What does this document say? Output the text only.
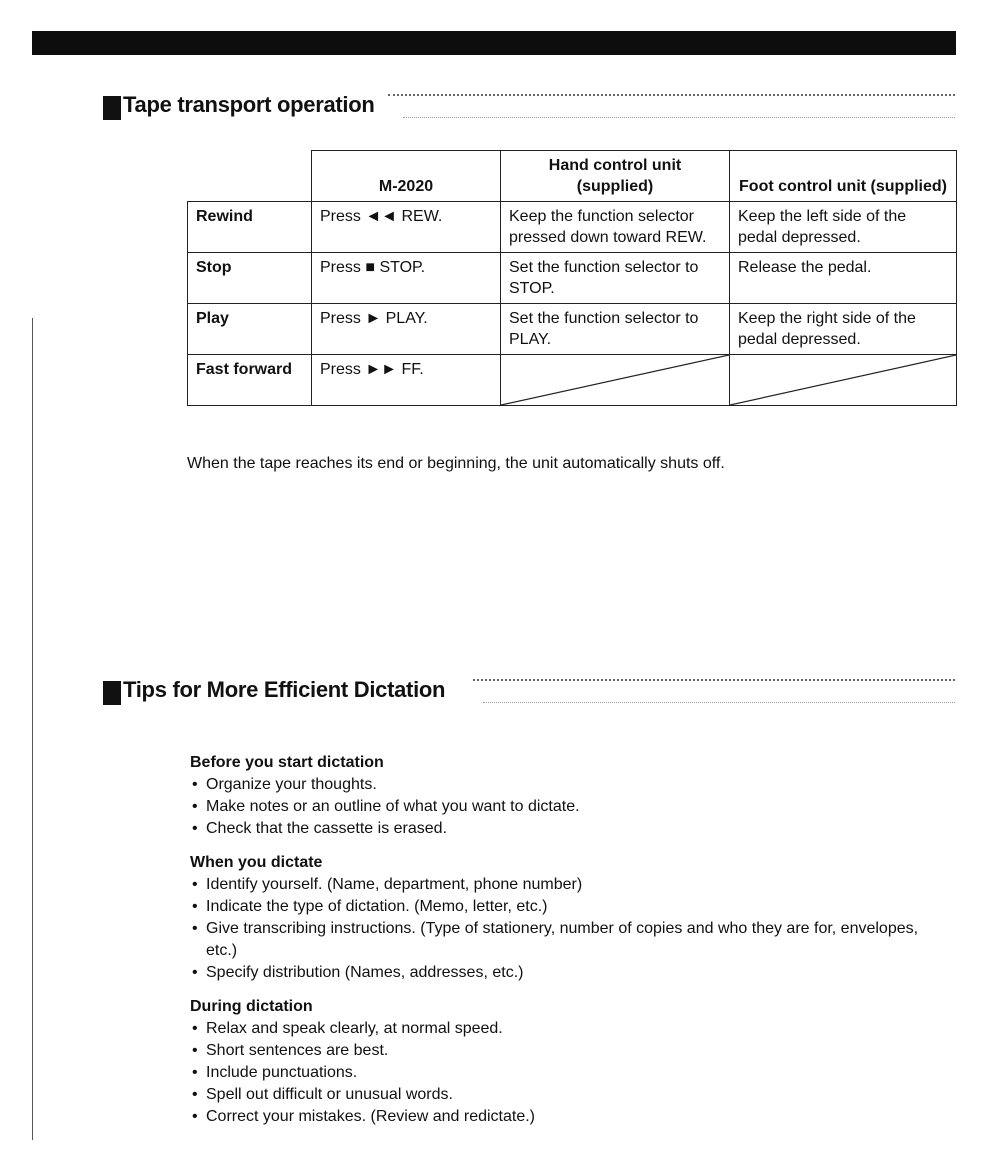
Tape transport operation
	M-2020	Hand control unit (supplied)	Foot control unit (supplied)
Rewind	Press ◄◄ REW.	Keep the function selector pressed down toward REW.	Keep the left side of the pedal depressed.
Stop	Press ■ STOP.	Set the function selector to STOP.	Release the pedal.
Play	Press ► PLAY.	Set the function selector to PLAY.	Keep the right side of the pedal depressed.
Fast forward	Press ►► FF.	

When the tape reaches its end or beginning, the unit automatically shuts off.
Tips for More Efficient Dictation

Before you start dictation

• Organize your thoughts.
• Make notes or an outline of what you want to dictate.
• Check that the cassette is erased.

When you dictate

• Identify yourself. (Name, department, phone number)
• Indicate the type of dictation. (Memo, letter, etc.)
• Give transcribing instructions. (Type of stationery, number of copies and who they are for, envelopes, etc.)
• Specify distribution (Names, addresses, etc.)

During dictation

• Relax and speak clearly, at normal speed.
• Short sentences are best.
• Include punctuations.
• Spell out difficult or unusual words.
• Correct your mistakes. (Review and redictate.)
